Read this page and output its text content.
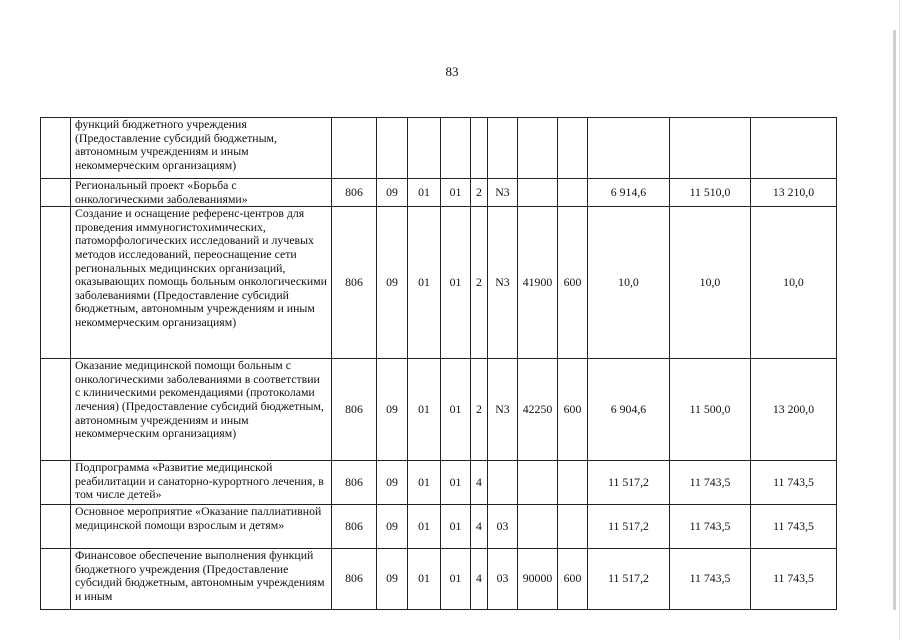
83
	функций бюджетного учреждения (Предоставление субсидий бюджетным, автономным учреждениям и иным некоммерческим организациям)											
	Региональный проект «Борьба с онкологическими заболеваниями»	806	09	01	01	2	N3			6 914,6	11 510,0	13 210,0
	Создание и оснащение референс-центров для проведения иммуногистохимических, патоморфологических исследований и лучевых методов исследований, переоснащение сети региональных медицинских организаций, оказывающих помощь больным онкологическими заболеваниями (Предоставление субсидий бюджетным, автономным учреждениям и иным некоммерческим организациям)	806	09	01	01	2	N3	41900	600	10,0	10,0	10,0
	Оказание медицинской помощи больным с онкологическими заболеваниями в соответствии с клиническими рекомендациями (протоколами лечения) (Предоставление субсидий бюджетным, автономным учреждениям и иным некоммерческим организациям)	806	09	01	01	2	N3	42250	600	6 904,6	11 500,0	13 200,0
	Подпрограмма «Развитие медицинской реабилитации и санаторно-курортного лечения, в том числе детей»	806	09	01	01	4				11 517,2	11 743,5	11 743,5
	Основное мероприятие «Оказание паллиативной медицинской помощи взрослым и детям»	806	09	01	01	4	03			11 517,2	11 743,5	11 743,5
	Финансовое обеспечение выполнения функций бюджетного учреждения (Предоставление субсидий бюджетным, автономным учреждениям и иным	806	09	01	01	4	03	90000	600	11 517,2	11 743,5	11 743,5
